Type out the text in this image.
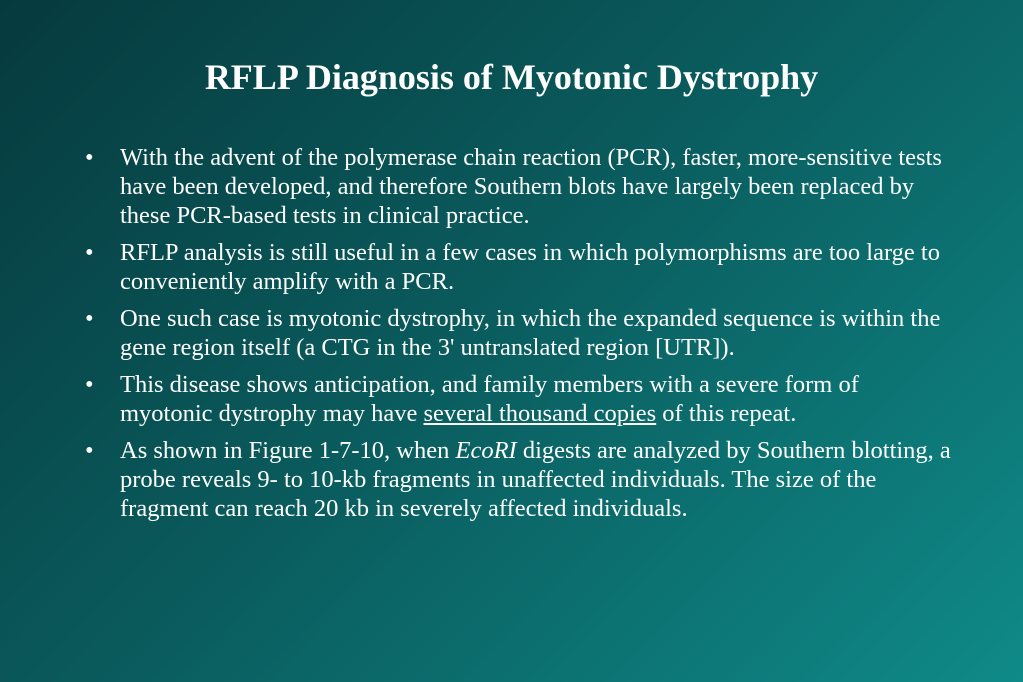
RFLP Diagnosis of Myotonic Dystrophy
• With the advent of the polymerase chain reaction (PCR), faster, more-sensitive tests have been developed, and therefore Southern blots have largely been replaced by these PCR-based tests in clinical practice.
• RFLP analysis is still useful in a few cases in which polymorphisms are too large to conveniently amplify with a PCR.
• One such case is myotonic dystrophy, in which the expanded sequence is within the gene region itself (a CTG in the 3' untranslated region [UTR]).
• This disease shows anticipation, and family members with a severe form of myotonic dystrophy may have several thousand copies of this repeat.
• As shown in Figure 1-7-10, when EcoRI digests are analyzed by Southern blotting, a probe reveals 9- to 10-kb fragments in unaffected individuals. The size of the fragment can reach 20 kb in severely affected individuals.
